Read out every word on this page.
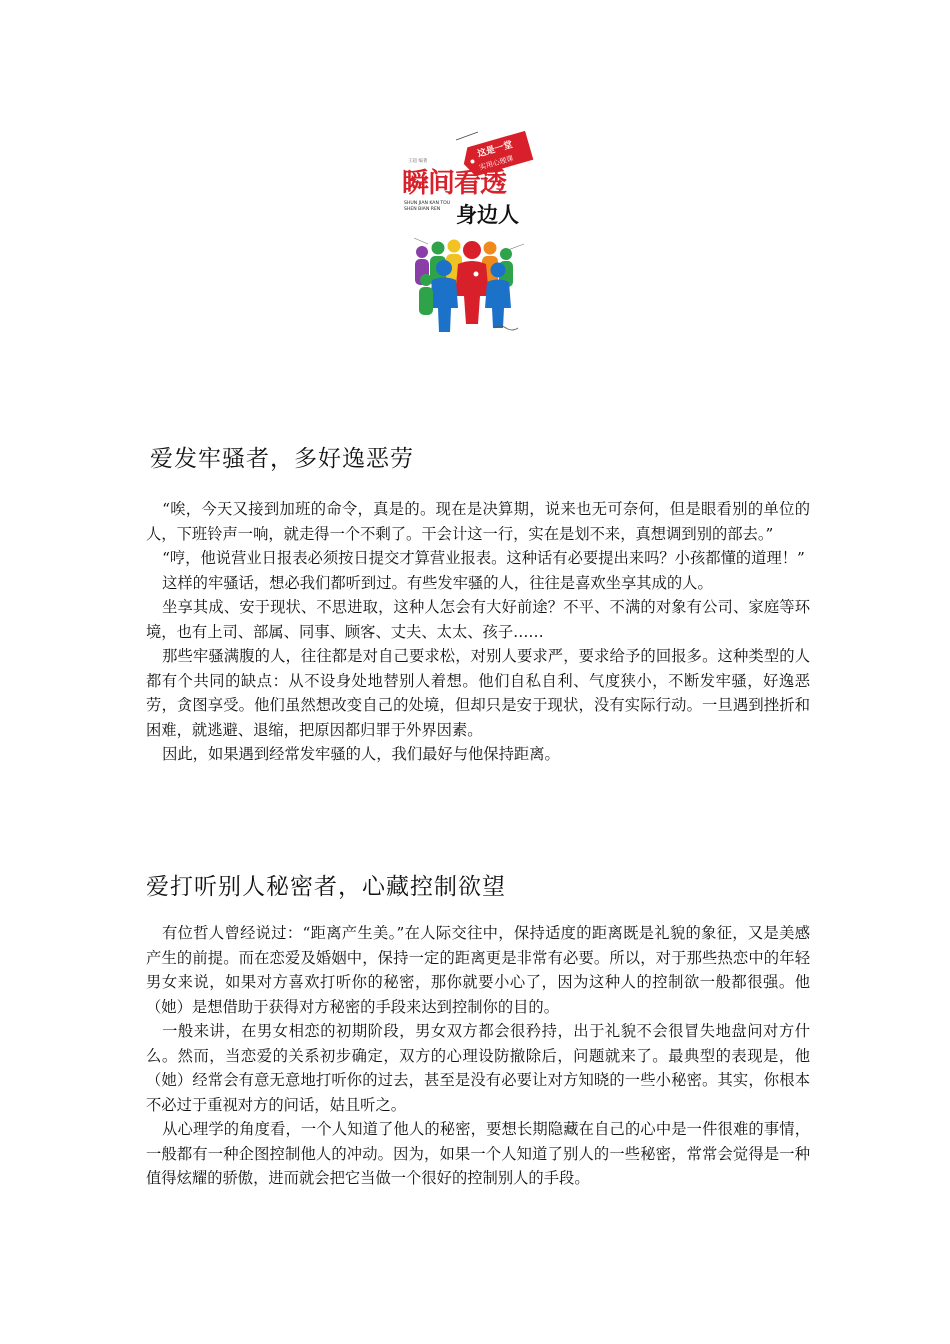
这是一堂
实用心理课
王超 编著
瞬间看透
SHUN JIAN KAN TOU
SHEN BIAN REN 身边人
爱发牢骚者，多好逸恶劳

“唉，今天又接到加班的命令，真是的。现在是决算期，说来也无可奈何，但是眼看别的单位的人，下班铃声一响，就走得一个不剩了。干会计这一行，实在是划不来，真想调到别的部去。”

“哼，他说营业日报表必须按日提交才算营业报表。这种话有必要提出来吗？小孩都懂的道理！”

这样的牢骚话，想必我们都听到过。有些发牢骚的人，往往是喜欢坐享其成的人。

坐享其成、安于现状、不思进取，这种人怎会有大好前途？不平、不满的对象有公司、家庭等环境，也有上司、部属、同事、顾客、丈夫、太太、孩子……

那些牢骚满腹的人，往往都是对自己要求松，对别人要求严，要求给予的回报多。这种类型的人都有个共同的缺点：从不设身处地替别人着想。他们自私自利、气度狭小，不断发牢骚，好逸恶劳，贪图享受。他们虽然想改变自己的处境，但却只是安于现状，没有实际行动。一旦遇到挫折和困难，就逃避、退缩，把原因都归罪于外界因素。

因此，如果遇到经常发牢骚的人，我们最好与他保持距离。

爱打听别人秘密者，心藏控制欲望

有位哲人曾经说过：“距离产生美。”在人际交往中，保持适度的距离既是礼貌的象征，又是美感产生的前提。而在恋爱及婚姻中，保持一定的距离更是非常有必要。所以，对于那些热恋中的年轻男女来说，如果对方喜欢打听你的秘密，那你就要小心了，因为这种人的控制欲一般都很强。他（她）是想借助于获得对方秘密的手段来达到控制你的目的。

一般来讲，在男女相恋的初期阶段，男女双方都会很矜持，出于礼貌不会很冒失地盘问对方什么。然而，当恋爱的关系初步确定，双方的心理设防撤除后，问题就来了。最典型的表现是，他（她）经常会有意无意地打听你的过去，甚至是没有必要让对方知晓的一些小秘密。其实，你根本不必过于重视对方的问话，姑且听之。

从心理学的角度看，一个人知道了他人的秘密，要想长期隐藏在自己的心中是一件很难的事情，一般都有一种企图控制他人的冲动。因为，如果一个人知道了别人的一些秘密，常常会觉得是一种值得炫耀的骄傲，进而就会把它当做一个很好的控制别人的手段。
